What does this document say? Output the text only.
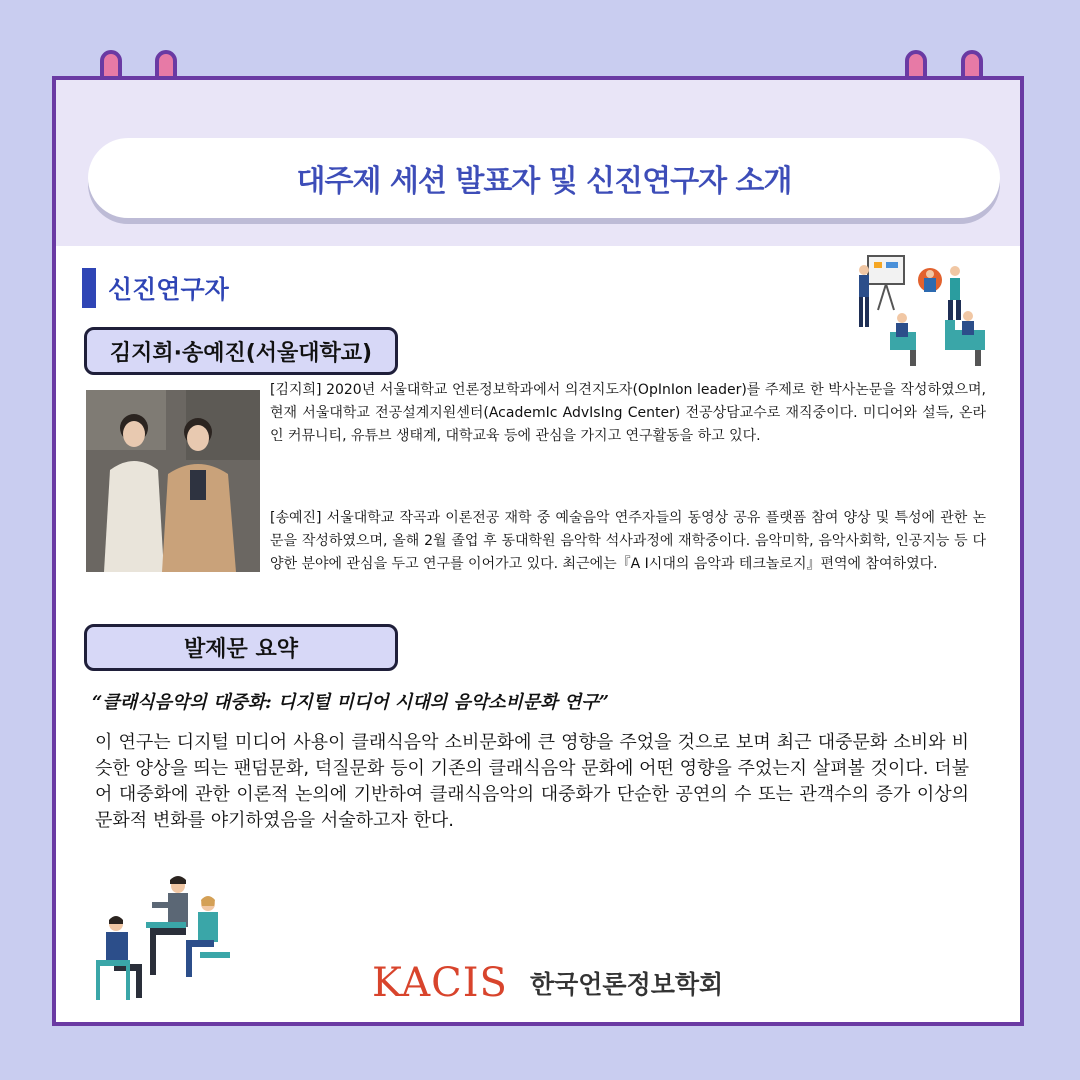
대주제 세션 발표자 및 신진연구자 소개
신진연구자
김지희·송예진(서울대학교)

[김지희] 2020년 서울대학교 언론정보학과에서 의견지도자(OpInIon leader)를 주제로 한 박사논문을 작성하였으며, 현재 서울대학교 전공설계지원센터(AcademIc AdvIsIng Center) 전공상담교수로 재직중이다. 미디어와 설득, 온라인 커뮤니티, 유튜브 생태계, 대학교육 등에 관심을 가지고 연구활동을 하고 있다.

[송예진] 서울대학교 작곡과 이론전공 재학 중 예술음악 연주자들의 동영상 공유 플랫폼 참여 양상 및 특성에 관한 논문을 작성하였으며, 올해 2월 졸업 후 동대학원 음악학 석사과정에 재학중이다. 음악미학, 음악사회학, 인공지능 등 다양한 분야에 관심을 두고 연구를 이어가고 있다. 최근에는『A I시대의 음악과 테크놀로지』편역에 참여하였다.

발제문 요약
“클래식음악의 대중화: 디지털 미디어 시대의 음악소비문화 연구”

이 연구는 디지털 미디어 사용이 클래식음악 소비문화에 큰 영향을 주었을 것으로 보며 최근 대중문화 소비와 비슷한 양상을 띄는 팬덤문화, 덕질문화 등이 기존의 클래식음악 문화에 어떤 영향을 주었는지 살펴볼 것이다. 더불어 대중화에 관한 이론적 논의에 기반하여 클래식음악의 대중화가 단순한 공연의 수 또는 관객수의 증가 이상의 문화적 변화를 야기하였음을 서술하고자 한다.

KACIS 한국언론정보학회
